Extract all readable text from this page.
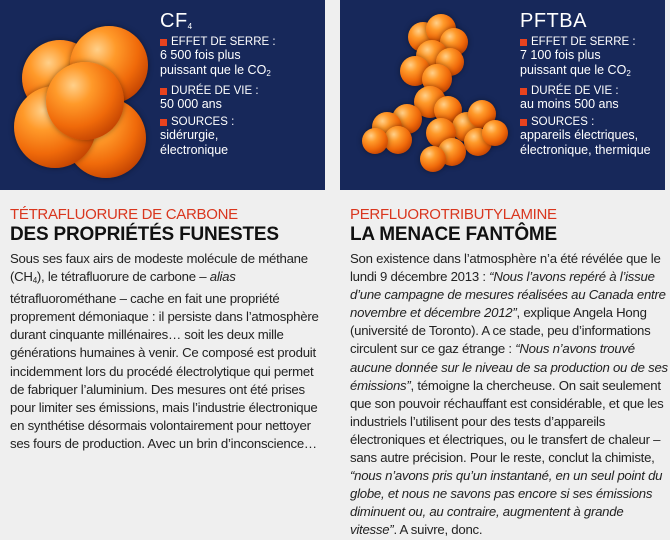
$CF_4$
EFFET DE SERRE :
6 500 fois plus
puissant que le $CO_2$
DURÉE DE VIE :
50 000 ans
SOURCES :
sidérurgie,
électronique
TÉTRAFLUORURE DE CARBONE
DES PROPRIÉTÉS FUNESTES
Sous ses faux airs de modeste molécule de méthane $(CH_4)$, le tétrafluorure de carbone – alias tétrafluorométhane – cache en fait une propriété proprement démoniaque : il persiste dans l’atmosphère durant cinquante millénaires… soit les deux mille générations humaines à venir. Ce composé est produit incidemment lors du procédé électrolytique qui permet de fabriquer l’aluminium. Des mesures ont été prises pour limiter ses émissions, mais l’industrie électronique en synthétise désormais volontairement pour nettoyer ses fours de production. Avec un brin d’inconscience…
PFTBA
EFFET DE SERRE :
7 100 fois plus
puissant que le $CO_2$
DURÉE DE VIE :
au moins 500 ans
SOURCES :
appareils électriques,
électronique, thermique
PERFLUOROTRIBUTYLAMINE
LA MENACE FANTÔME
Son existence dans l’atmosphère n’a été révélée que le lundi 9 décembre 2013 : “Nous l’avons repéré à l’issue d’une campagne de mesures réalisées au Canada entre novembre et décembre 2012”, explique Angela Hong (université de Toronto). A ce stade, peu d’informations circulent sur ce gaz étrange : “Nous n’avons trouvé aucune donnée sur le niveau de sa production ou de ses émissions”, témoigne la chercheuse. On sait seulement que son pouvoir réchauffant est considérable, et que les industriels l’utilisent pour des tests d’appareils électroniques et électriques, ou le transfert de chaleur – sans autre précision. Pour le reste, conclut la chimiste, “nous n’avons pris qu’un instantané, en un seul point du globe, et nous ne savons pas encore si ses émissions diminuent ou, au contraire, augmentent à grande vitesse”. A suivre, donc.
